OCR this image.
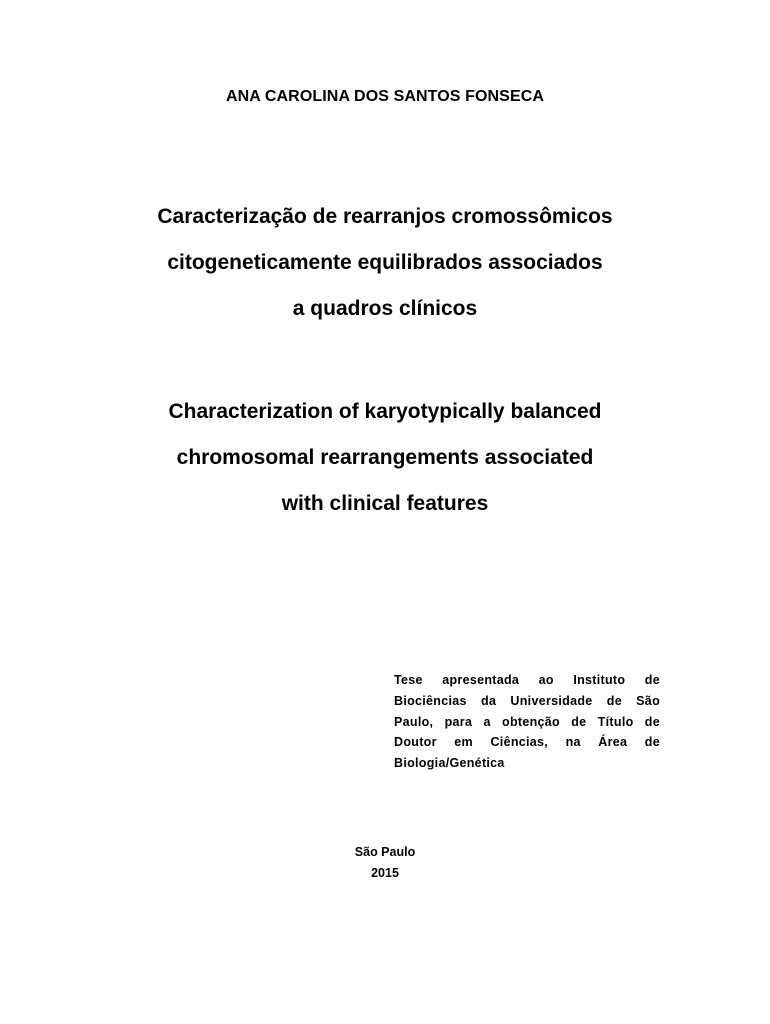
ANA CAROLINA DOS SANTOS FONSECA
Caracterização de rearranjos cromossômicos
citogeneticamente equilibrados associados
a quadros clínicos
Characterization of karyotypically balanced
chromosomal rearrangements associated
with clinical features
Tese apresentada ao Instituto de Biociências da Universidade de São Paulo, para a obtenção de Título de Doutor em Ciências, na Área de Biologia/Genética
São Paulo
2015
